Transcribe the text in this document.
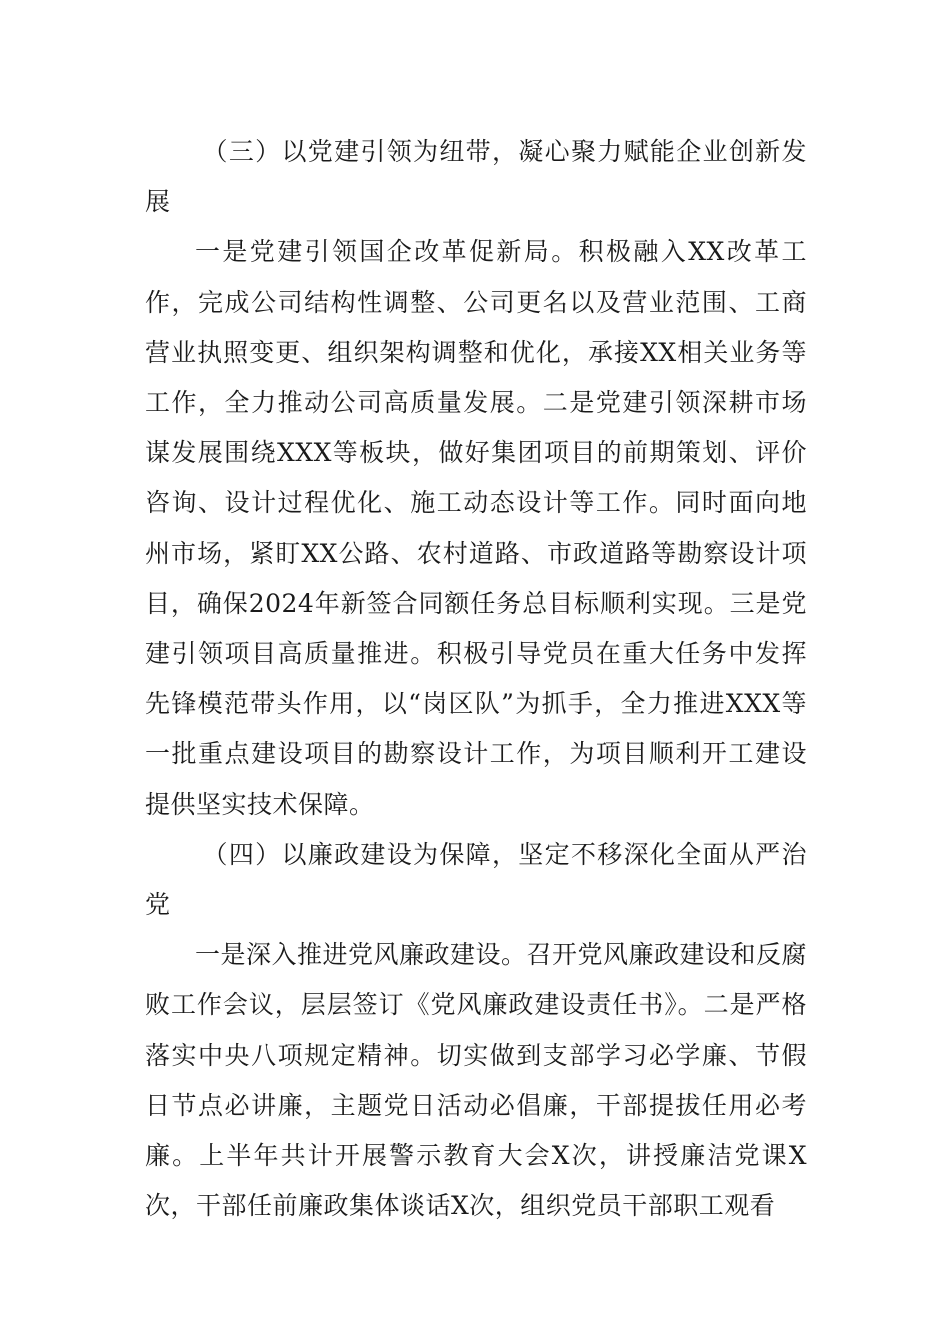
（三）以党建引领为纽带，凝心聚力赋能企业创新发展

一是党建引领国企改革促新局。积极融入XX改革工作，完成公司结构性调整、公司更名以及营业范围、工商营业执照变更、组织架构调整和优化，承接XX相关业务等工作，全力推动公司高质量发展。二是党建引领深耕市场谋发展围绕XXX等板块，做好集团项目的前期策划、评价咨询、设计过程优化、施工动态设计等工作。同时面向地州市场，紧盯XX公路、农村道路、市政道路等勘察设计项目，确保2024年新签合同额任务总目标顺利实现。三是党建引领项目高质量推进。积极引导党员在重大任务中发挥先锋模范带头作用，以“岗区队”为抓手，全力推进XXX等一批重点建设项目的勘察设计工作，为项目顺利开工建设提供坚实技术保障。

（四）以廉政建设为保障，坚定不移深化全面从严治党

一是深入推进党风廉政建设。召开党风廉政建设和反腐败工作会议，层层签订《党风廉政建设责任书》。二是严格落实中央八项规定精神。切实做到支部学习必学廉、节假日节点必讲廉，主题党日活动必倡廉，干部提拔任用必考廉。上半年共计开展警示教育大会X次，讲授廉洁党课X次，干部任前廉政集体谈话X次，组织党员干部职工观看
